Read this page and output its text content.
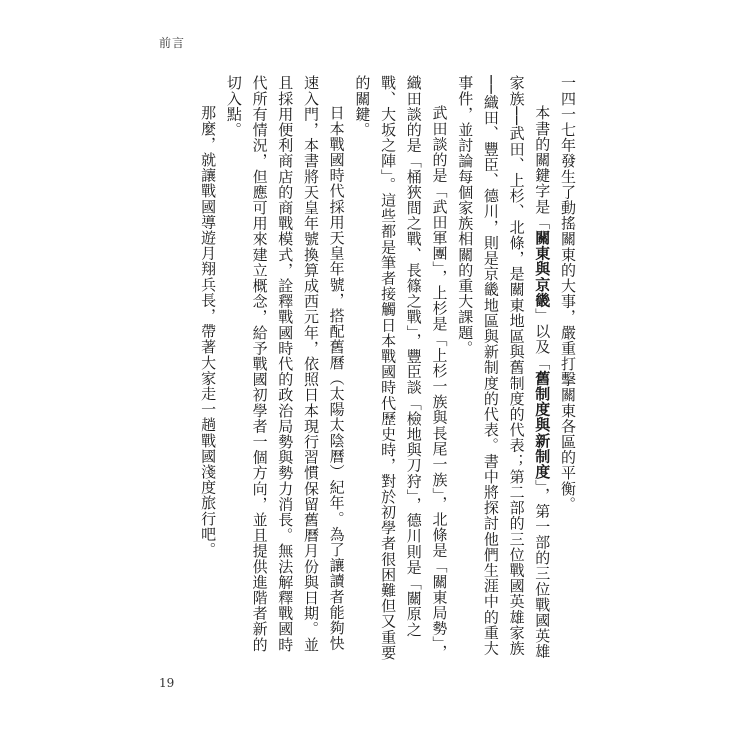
前言

一四一七年發生了動搖關東的大事，嚴重打擊關東各區的平衡。

本書的關鍵字是「關東與京畿」以及「舊制度與新制度」，第一部的三位戰國英雄家族──武田、上杉、北條，是關東地區與舊制度的代表；第二部的三位戰國英雄家族──織田、豐臣、德川，則是京畿地區與新制度的代表。書中將探討他們生涯中的重大事件，並討論每個家族相關的重大課題。

武田談的是「武田軍團」，上杉是「上杉一族與長尾一族」，北條是「關東局勢」，織田談的是「桶狹間之戰、長篠之戰」，豐臣談「檢地與刀狩」，德川則是「關原之戰、大坂之陣」。這些都是筆者接觸日本戰國時代歷史時，對於初學者很困難但又重要的關鍵。

日本戰國時代採用天皇年號，搭配舊曆（太陽太陰曆）紀年。為了讓讀者能夠快速入門，本書將天皇年號換算成西元年，依照日本現行習慣保留舊曆月份與日期。並且採用便利商店的商戰模式，詮釋戰國時代的政治局勢與勢力消長。無法解釋戰國時代所有情況，但應可用來建立概念，給予戰國初學者一個方向，並且提供進階者新的切入點。

那麼，就讓戰國導遊月翔兵長，帶著大家走一趟戰國淺度旅行吧。

19
